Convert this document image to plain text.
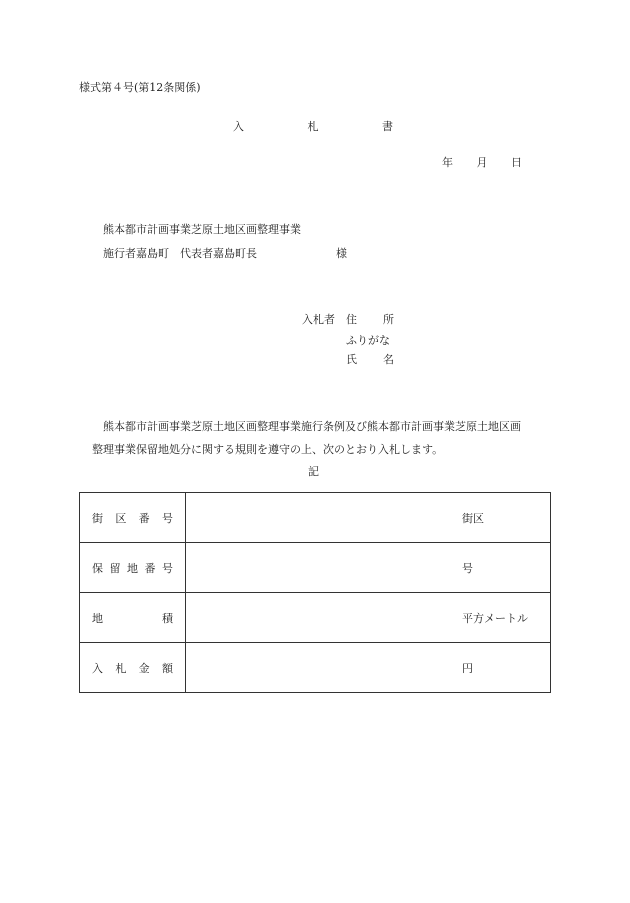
様式第４号(第12条関係)
入	札	書
年 月 日
熊本都市計画事業芝原土地区画整理事業
施行者嘉島町　代表者嘉島町長	様
入札者 住 所
ふりがな
氏 名
熊本都市計画事業芝原土地区画整理事業施行条例及び熊本都市計画事業芝原土地区画
整理事業保留地処分に関する規則を遵守の上、次のとおり入札します。
記
街 区 番 号	街区

保 留 地 番 号	号

地 積	平方メートル

入 札 金 額	円
